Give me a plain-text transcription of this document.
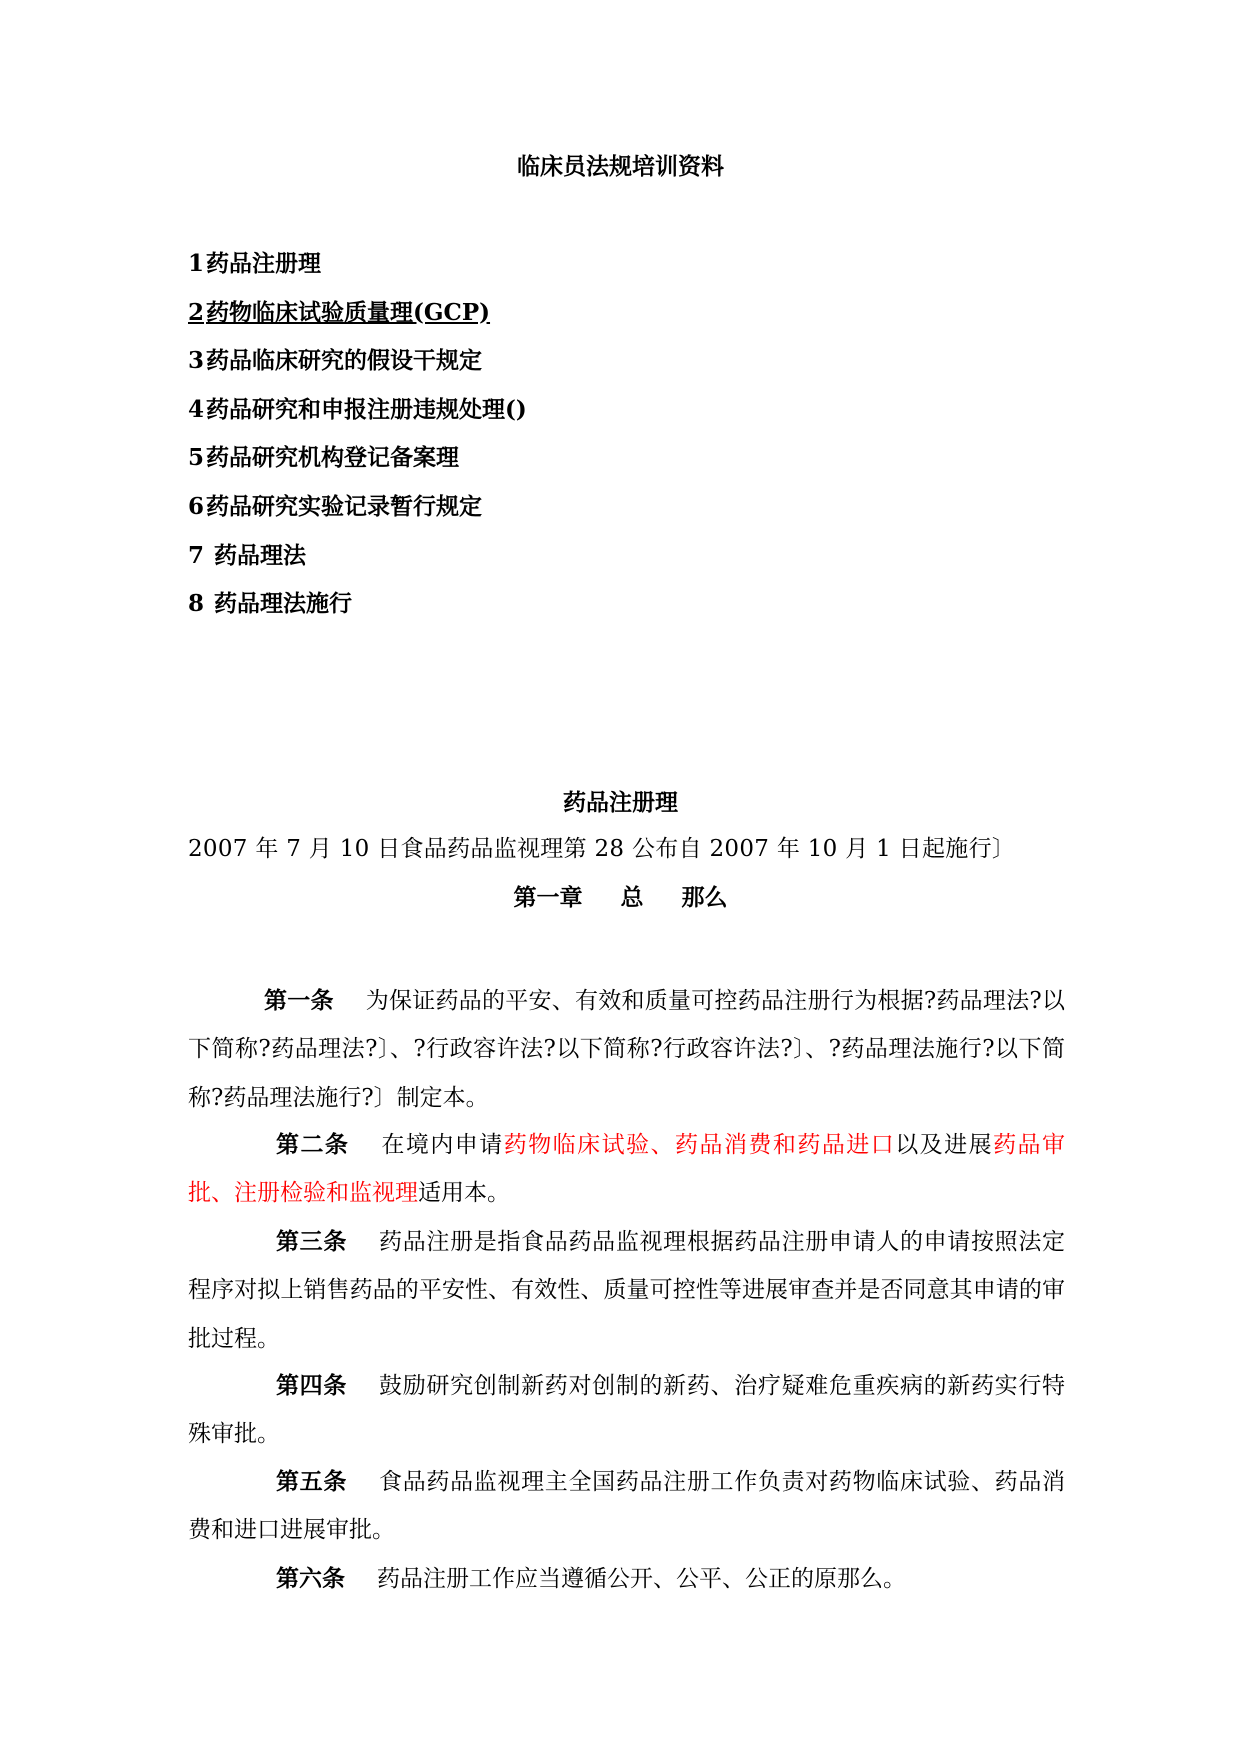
临床员法规培训资料
1药品注册理
2药物临床试验质量理(GCP)
3药品临床研究的假设干规定
4药品研究和申报注册违规处理()
5药品研究机构登记备案理
6药品研究实验记录暂行规定
7 药品理法
8 药品理法施行
药品注册理
2007 年 7 月 10 日食品药品监视理第 28 公布自 2007 年 10 月 1 日起施行〕
第一章 总 那么

第一条 为保证药品的平安、有效和质量可控药品注册行为根据?药品理法?以下简称?药品理法?〕、?行政容许法?以下简称?行政容许法?〕、?药品理法施行?以下简称?药品理法施行?〕制定本。

第二条 在境内申请药物临床试验、药品消费和药品进口以及进展药品审批、注册检验和监视理适用本。

第三条 药品注册是指食品药品监视理根据药品注册申请人的申请按照法定程序对拟上销售药品的平安性、有效性、质量可控性等进展审查并是否同意其申请的审批过程。

第四条 鼓励研究创制新药对创制的新药、治疗疑难危重疾病的新药实行特殊审批。

第五条 食品药品监视理主全国药品注册工作负责对药物临床试验、药品消费和进口进展审批。

第六条 药品注册工作应当遵循公开、公平、公正的原那么。
